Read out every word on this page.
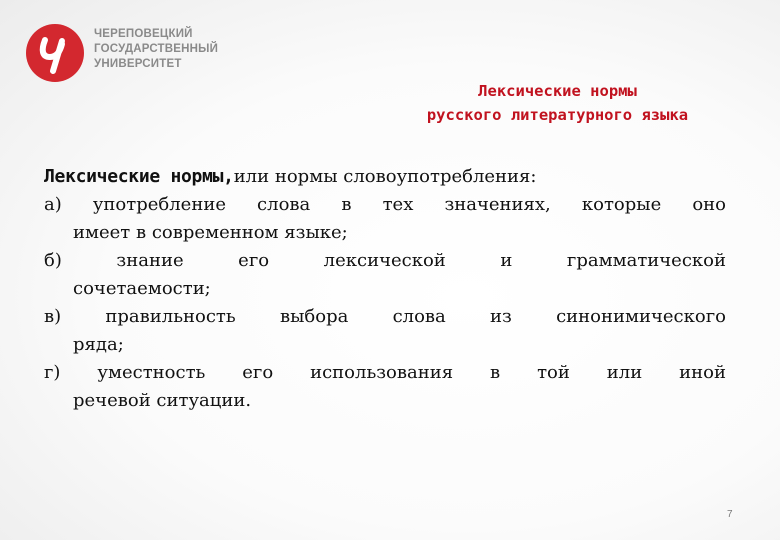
ЧЕРЕПОВЕЦКИЙ
ГОСУДАРСТВЕННЫЙ
УНИВЕРСИТЕТ
Лексические нормы
русского литературного языка
Лексические нормы,или нормы словоупотребления:
а) употребление слова в тех значениях, которые оно
имеет в современном языке;
б) знание его лексической и грамматической
сочетаемости;
в) правильность выбора слова из синонимического
ряда;
г) уместность его использования в той или иной
речевой ситуации.
7
